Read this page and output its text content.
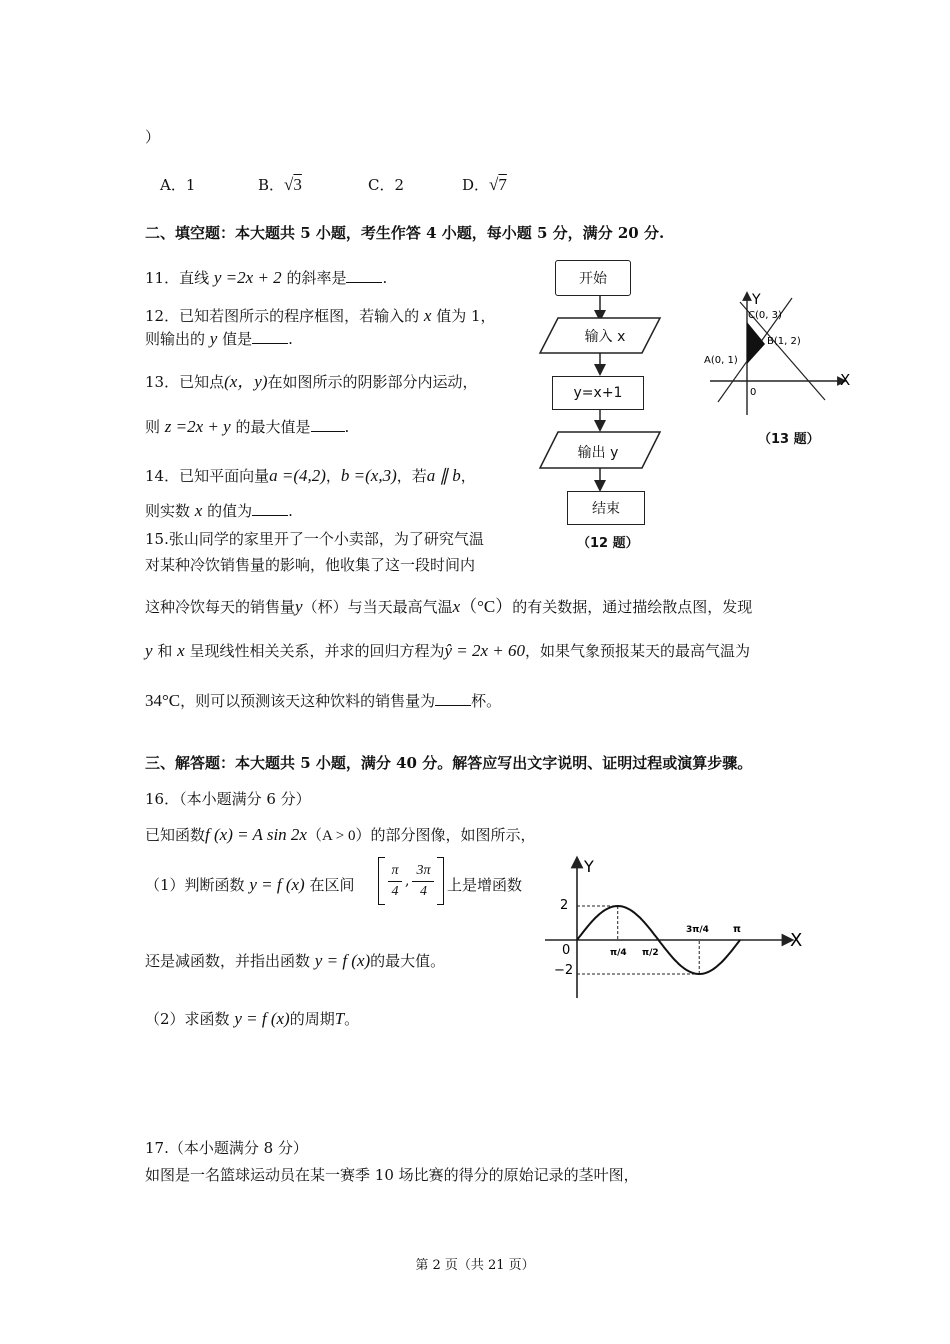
）
A．1	B．√3	C．2	D．√7
二、填空题：本大题共 5 小题，考生作答 4 小题，每小题 5 分，满分 20 分.
11．直线 y =2x + 2 的斜率是 .
12．已知若图所示的程序框图，若输入的 x 值为 1，
则输出的 y 值是 .
13．已知点(x，y)在如图所示的阴影部分内运动，
则 z =2x + y 的最大值是 .
14．已知平面向量a =(4,2)，b =(x,3)，若a ∥ b，
则实数 x 的值为 .
15.张山同学的家里开了一个小卖部，为了研究气温
对某种冷饮销售量的影响，他收集了这一段时间内
这种冷饮每天的销售量y（杯）与当天最高气温x（°C）的有关数据，通过描绘散点图，发现
y 和 x 呈现线性相关关系，并求的回归方程为ŷ = 2x + 60，如果气象预报某天的最高气温为
34°C，则可以预测该天这种饮料的销售量为 杯。
开始
输入 x
y=x+1
输出 y
结束
（12 题）
X
Y
0
A(0, 1)
B(1, 2)
C(0, 3)
（13 题）
三、解答题：本大题共 5 小题，满分 40 分。解答应写出文字说明、证明过程或演算步骤。
16．（本小题满分 6 分）
已知函数f (x) = A sin 2x（A > 0）的部分图像，如图所示，
（1）判断函数 y = f (x) 在区间
π
4
,
3π
4	上是增函数
还是减函数，并指出函数 y = f (x)的最大值。
（2）求函数 y = f (x)的周期T。
X
Y
0
2
−2
π/4 π/2
3π/4 π
17.（本小题满分 8 分）
如图是一名篮球运动员在某一赛季 10 场比赛的得分的原始记录的茎叶图，
第 2 页（共 21 页）
